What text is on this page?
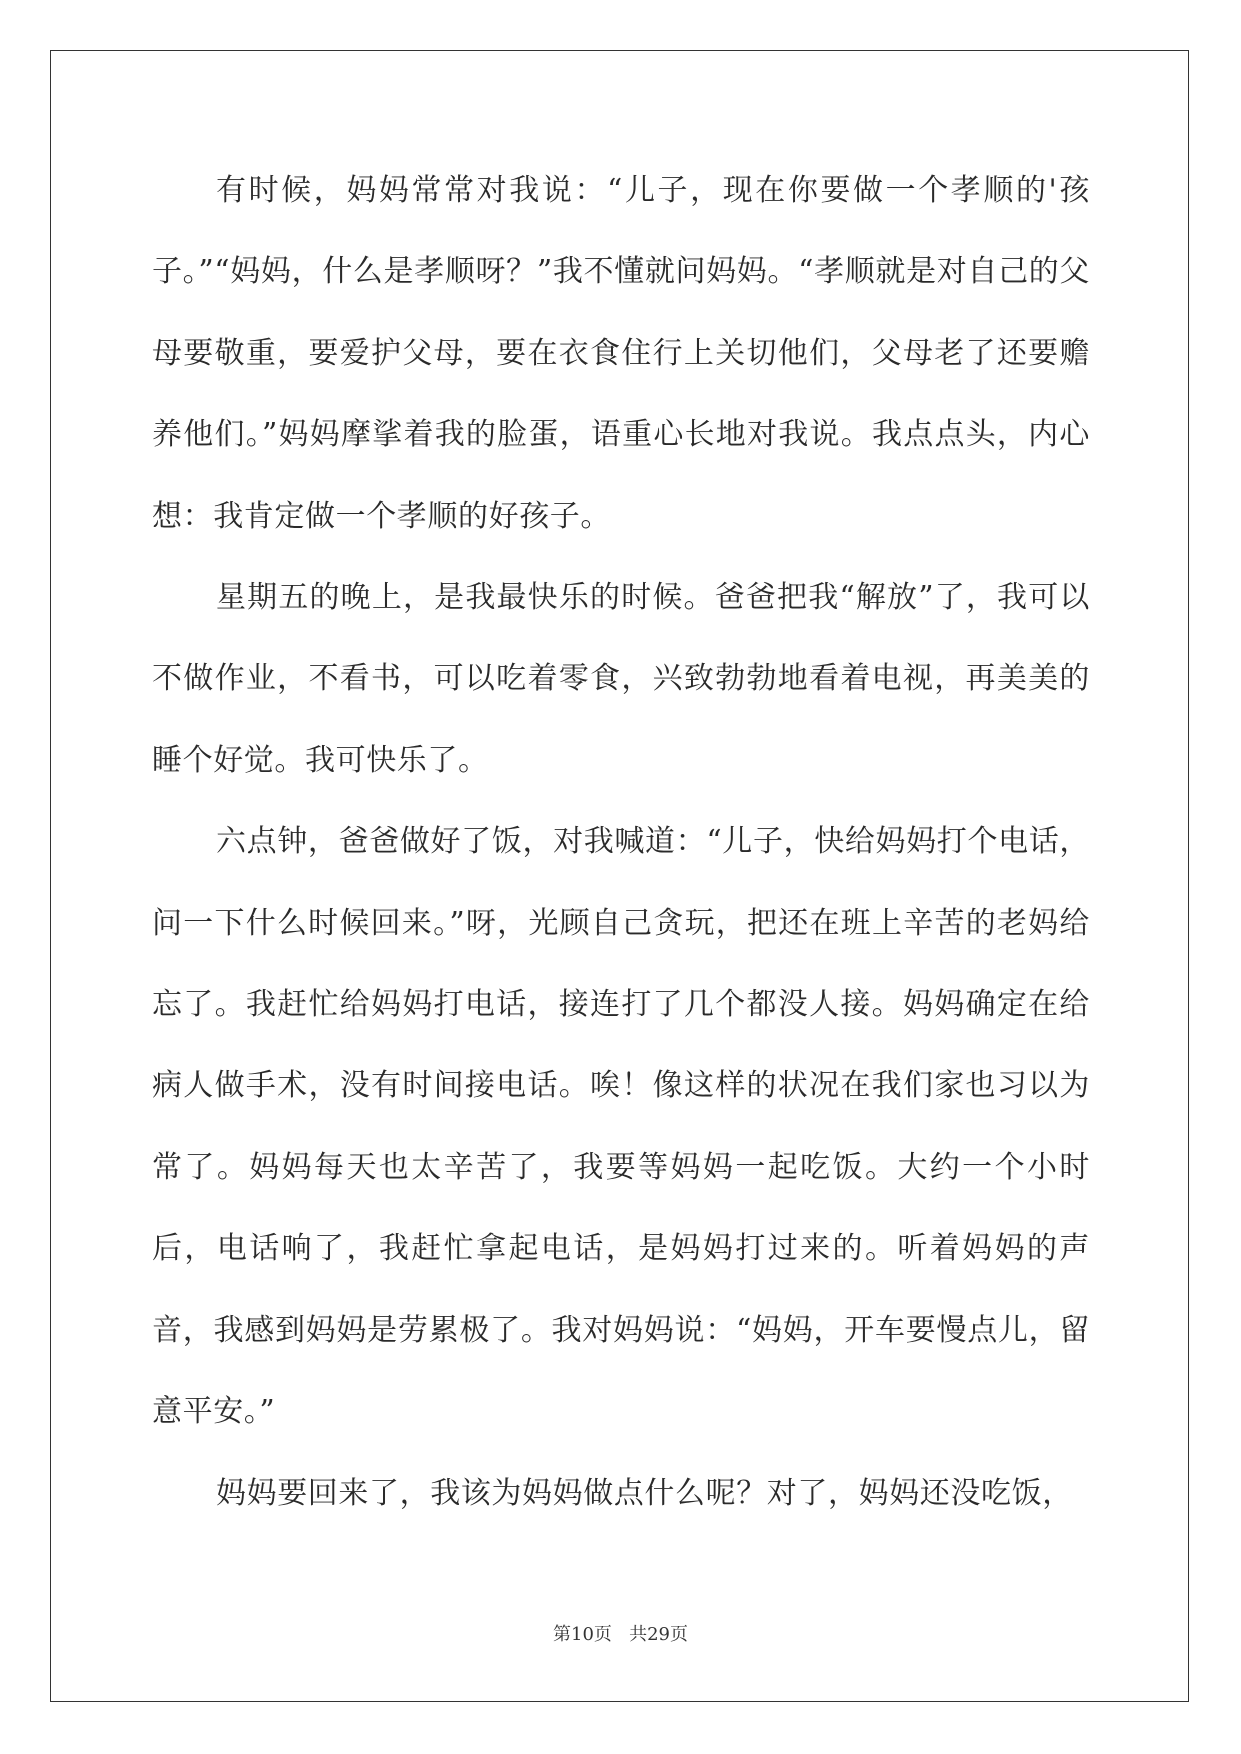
有时候，妈妈常常对我说：“儿子，现在你要做一个孝顺的'孩子。”“妈妈，什么是孝顺呀？”我不懂就问妈妈。“孝顺就是对自己的父母要敬重，要爱护父母，要在衣食住行上关切他们，父母老了还要赡养他们。”妈妈摩挲着我的脸蛋，语重心长地对我说。我点点头，内心想：我肯定做一个孝顺的好孩子。

星期五的晚上，是我最快乐的时候。爸爸把我“解放”了，我可以不做作业，不看书，可以吃着零食，兴致勃勃地看着电视，再美美的睡个好觉。我可快乐了。

六点钟，爸爸做好了饭，对我喊道：“儿子，快给妈妈打个电话，问一下什么时候回来。”呀，光顾自己贪玩，把还在班上辛苦的老妈给忘了。我赶忙给妈妈打电话，接连打了几个都没人接。妈妈确定在给病人做手术，没有时间接电话。唉！像这样的状况在我们家也习以为常了。妈妈每天也太辛苦了，我要等妈妈一起吃饭。大约一个小时后，电话响了，我赶忙拿起电话，是妈妈打过来的。听着妈妈的声音，我感到妈妈是劳累极了。我对妈妈说：“妈妈，开车要慢点儿，留意平安。”

妈妈要回来了，我该为妈妈做点什么呢？对了，妈妈还没吃饭，

第10页 共29页
